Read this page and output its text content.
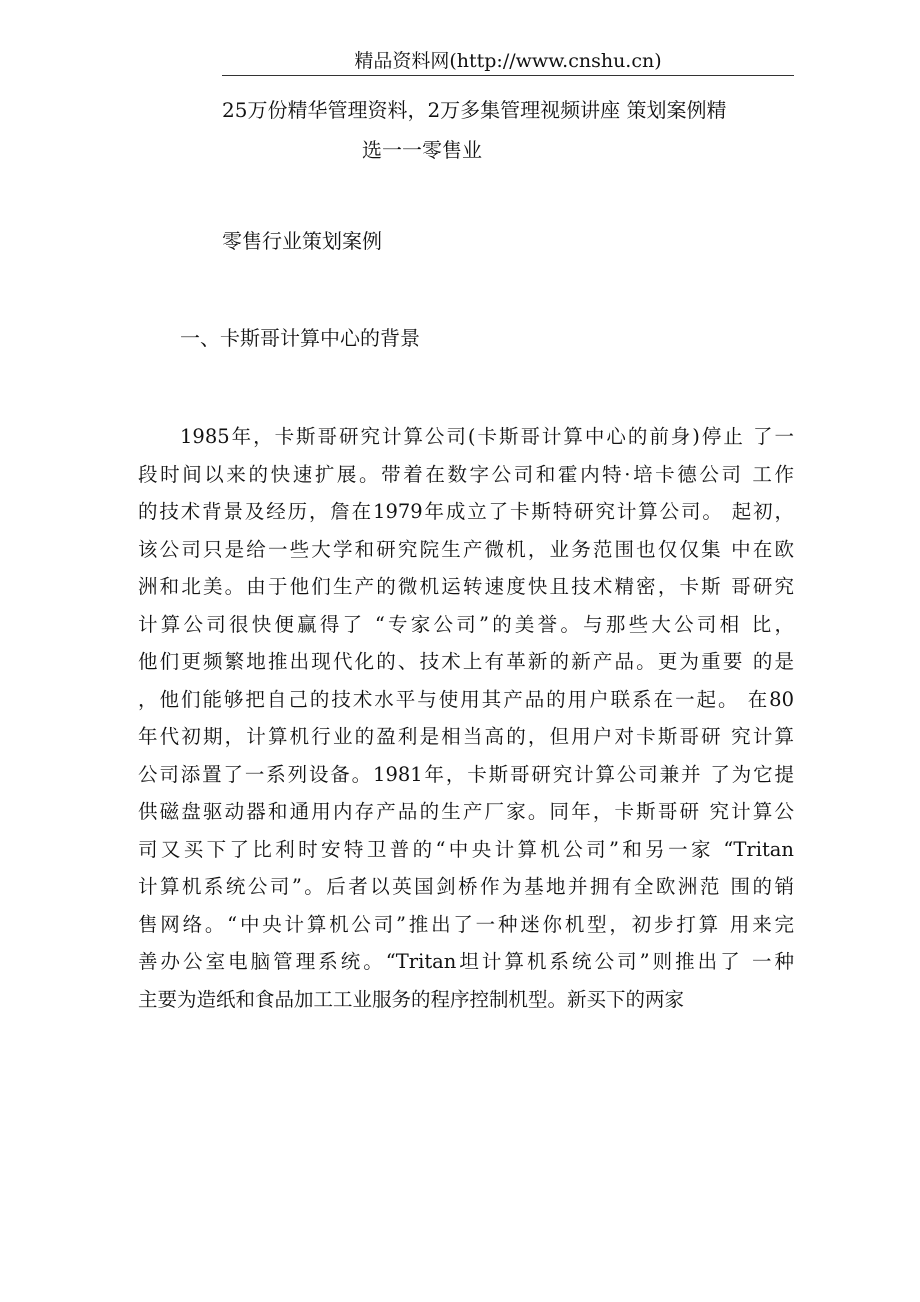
精品资料网(http://www.cnshu.cn)
25万份精华管理资料，2万多集管理视频讲座 策划案例精
选一一零售业
零售行业策划案例
一、卡斯哥计算中心的背景
1985年，卡斯哥研究计算公司(卡斯哥计算中心的前身)停止 了一
段时间以来的快速扩展。带着在数字公司和霍内特·培卡德公司 工作
的技术背景及经历，詹在1979年成立了卡斯特研究计算公司。 起初，
该公司只是给一些大学和研究院生产微机，业务范围也仅仅集 中在欧
洲和北美。由于他们生产的微机运转速度快且技术精密，卡斯 哥研究
计算公司很快便赢得了 “专家公司”的美誉。与那些大公司相 比，
他们更频繁地推出现代化的、技术上有革新的新产品。更为重要 的是
，他们能够把自己的技术水平与使用其产品的用户联系在一起。 在80
年代初期，计算机行业的盈利是相当高的，但用户对卡斯哥研 究计算
公司添置了一系列设备。1981年，卡斯哥研究计算公司兼并 了为它提
供磁盘驱动器和通用内存产品的生产厂家。同年，卡斯哥研 究计算公
司又买下了比利时安特卫普的“中央计算机公司”和另一家 “Tritan
计算机系统公司”。后者以英国剑桥作为基地并拥有全欧洲范 围的销
售网络。“中央计算机公司”推出了一种迷你机型，初步打算 用来完
善办公室电脑管理系统。“Tritan坦计算机系统公司”则推出了 一种
主要为造纸和食品加工工业服务的程序控制机型。新买下的两家
